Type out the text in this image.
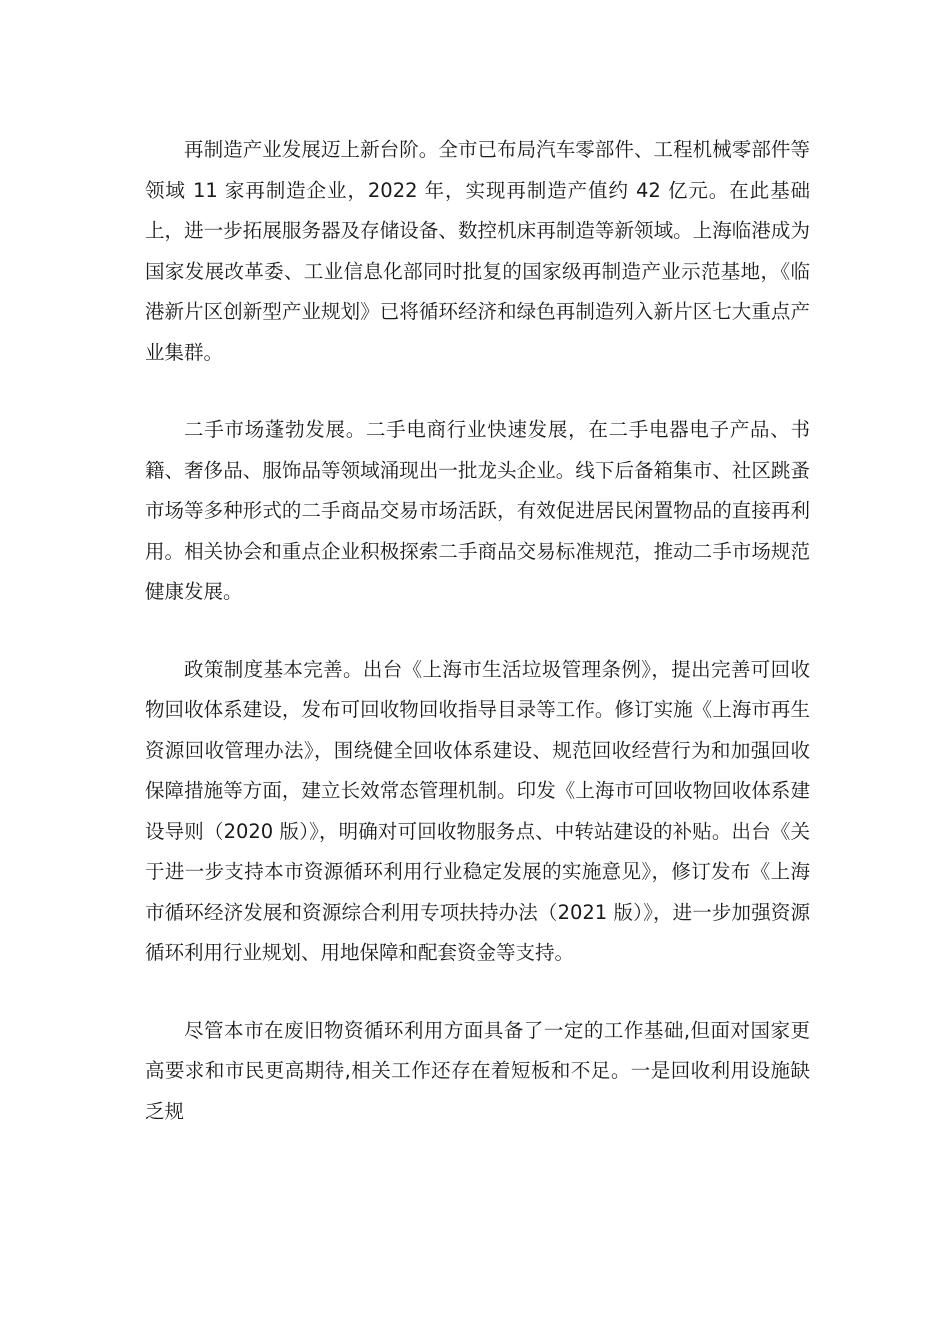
再制造产业发展迈上新台阶。全市已布局汽车零部件、工程机械零部件等领域 11 家再制造企业，2022 年，实现再制造产值约 42 亿元。在此基础上，进一步拓展服务器及存储设备、数控机床再制造等新领域。上海临港成为国家发展改革委、工业信息化部同时批复的国家级再制造产业示范基地，《临港新片区创新型产业规划》已将循环经济和绿色再制造列入新片区七大重点产业集群。

二手市场蓬勃发展。二手电商行业快速发展，在二手电器电子产品、书籍、奢侈品、服饰品等领域涌现出一批龙头企业。线下后备箱集市、社区跳蚤市场等多种形式的二手商品交易市场活跃，有效促进居民闲置物品的直接再利用。相关协会和重点企业积极探索二手商品交易标准规范，推动二手市场规范健康发展。

政策制度基本完善。出台《上海市生活垃圾管理条例》，提出完善可回收物回收体系建设，发布可回收物回收指导目录等工作。修订实施《上海市再生资源回收管理办法》，围绕健全回收体系建设、规范回收经营行为和加强回收保障措施等方面，建立长效常态管理机制。印发《上海市可回收物回收体系建设导则（2020 版）》，明确对可回收物服务点、中转站建设的补贴。出台《关于进一步支持本市资源循环利用行业稳定发展的实施意见》，修订发布《上海市循环经济发展和资源综合利用专项扶持办法（2021 版）》，进一步加强资源循环利用行业规划、用地保障和配套资金等支持。

尽管本市在废旧物资循环利用方面具备了一定的工作基础,但面对国家更高要求和市民更高期待,相关工作还存在着短板和不足。一是回收利用设施缺乏规
